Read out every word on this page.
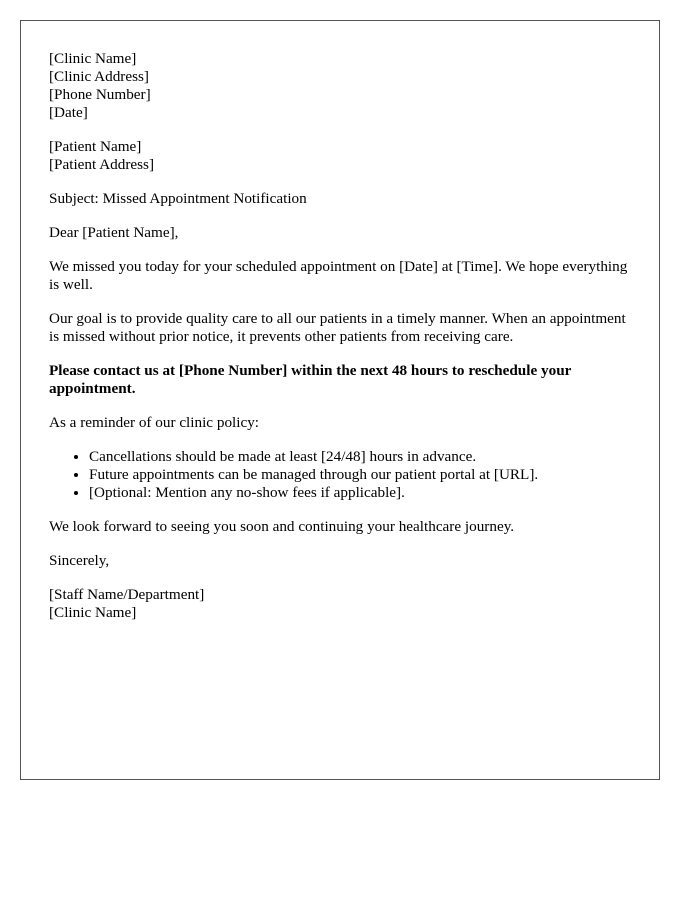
[Clinic Name]

[Clinic Address]

[Phone Number]

[Date]

[Patient Name]

[Patient Address]

Subject: Missed Appointment Notification

Dear [Patient Name],

We missed you today for your scheduled appointment on [Date] at [Time]. We hope everything is well.

Our goal is to provide quality care to all our patients in a timely manner. When an appointment is missed without prior notice, it prevents other patients from receiving care.

Please contact us at [Phone Number] within the next 48 hours to reschedule your appointment.

As a reminder of our clinic policy:

• Cancellations should be made at least [24/48] hours in advance.
• Future appointments can be managed through our patient portal at [URL].
• [Optional: Mention any no-show fees if applicable].

We look forward to seeing you soon and continuing your healthcare journey.

Sincerely,

[Staff Name/Department]

[Clinic Name]
